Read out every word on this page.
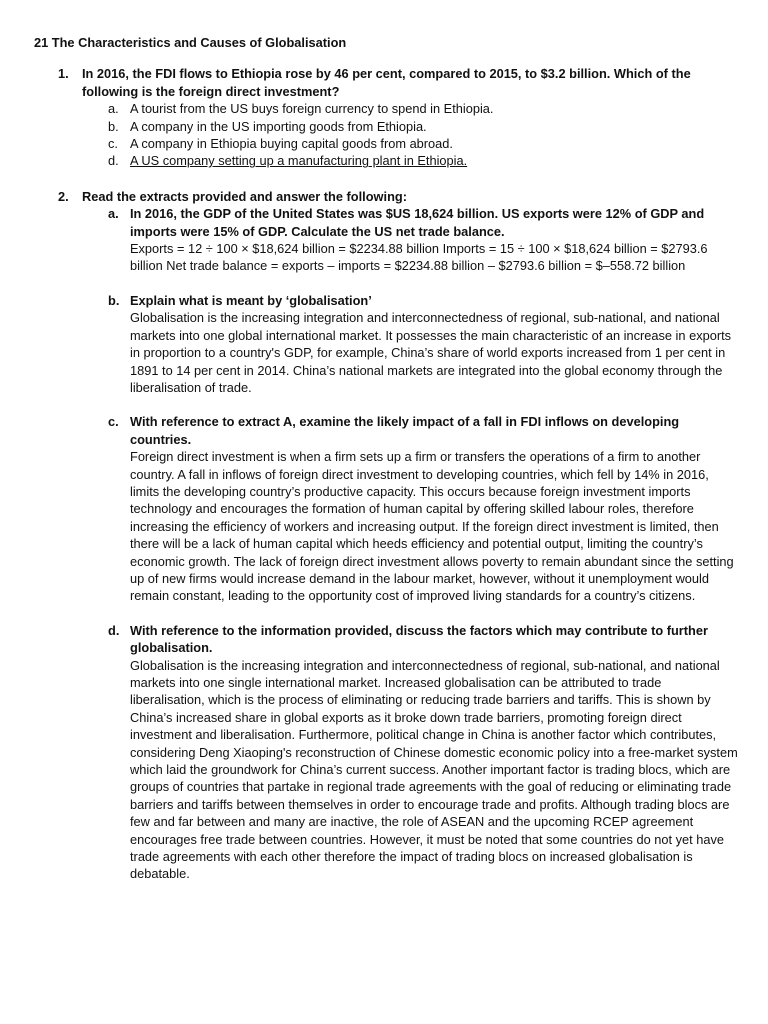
21 The Characteristics and Causes of Globalisation
1. In 2016, the FDI flows to Ethiopia rose by 46 per cent, compared to 2015, to $3.2 billion. Which of the following is the foreign direct investment?
a. A tourist from the US buys foreign currency to spend in Ethiopia.
b. A company in the US importing goods from Ethiopia.
c. A company in Ethiopia buying capital goods from abroad.
d. A US company setting up a manufacturing plant in Ethiopia.
2. Read the extracts provided and answer the following:
a. In 2016, the GDP of the United States was $US 18,624 billion. US exports were 12% of GDP and imports were 15% of GDP. Calculate the US net trade balance.

Exports = 12 ÷ 100 × $18,624 billion = $2234.88 billion Imports = 15 ÷ 100 × $18,624 billion = $2793.6 billion Net trade balance = exports – imports = $2234.88 billion – $2793.6 billion = $–558.72 billion

b. Explain what is meant by ‘globalisation’

Globalisation is the increasing integration and interconnectedness of regional, sub-national, and national markets into one global international market. It possesses the main characteristic of an increase in exports in proportion to a country's GDP, for example, China’s share of world exports increased from 1 per cent in 1891 to 14 per cent in 2014. China’s national markets are integrated into the global economy through the liberalisation of trade.

c. With reference to extract A, examine the likely impact of a fall in FDI inflows on developing countries.

Foreign direct investment is when a firm sets up a firm or transfers the operations of a firm to another country. A fall in inflows of foreign direct investment to developing countries, which fell by 14% in 2016, limits the developing country’s productive capacity. This occurs because foreign investment imports technology and encourages the formation of human capital by offering skilled labour roles, therefore increasing the efficiency of workers and increasing output. If the foreign direct investment is limited, then there will be a lack of human capital which heeds efficiency and potential output, limiting the country’s economic growth. The lack of foreign direct investment allows poverty to remain abundant since the setting up of new firms would increase demand in the labour market, however, without it unemployment would remain constant, leading to the opportunity cost of improved living standards for a country’s citizens.

d. With reference to the information provided, discuss the factors which may contribute to further globalisation.

Globalisation is the increasing integration and interconnectedness of regional, sub-national, and national markets into one single international market. Increased globalisation can be attributed to trade liberalisation, which is the process of eliminating or reducing trade barriers and tariffs. This is shown by China’s increased share in global exports as it broke down trade barriers, promoting foreign direct investment and liberalisation. Furthermore, political change in China is another factor which contributes, considering Deng Xiaoping's reconstruction of Chinese domestic economic policy into a free-market system which laid the groundwork for China’s current success. Another important factor is trading blocs, which are groups of countries that partake in regional trade agreements with the goal of reducing or eliminating trade barriers and tariffs between themselves in order to encourage trade and profits. Although trading blocs are few and far between and many are inactive, the role of ASEAN and the upcoming RCEP agreement encourages free trade between countries. However, it must be noted that some countries do not yet have trade agreements with each other therefore the impact of trading blocs on increased globalisation is debatable.
